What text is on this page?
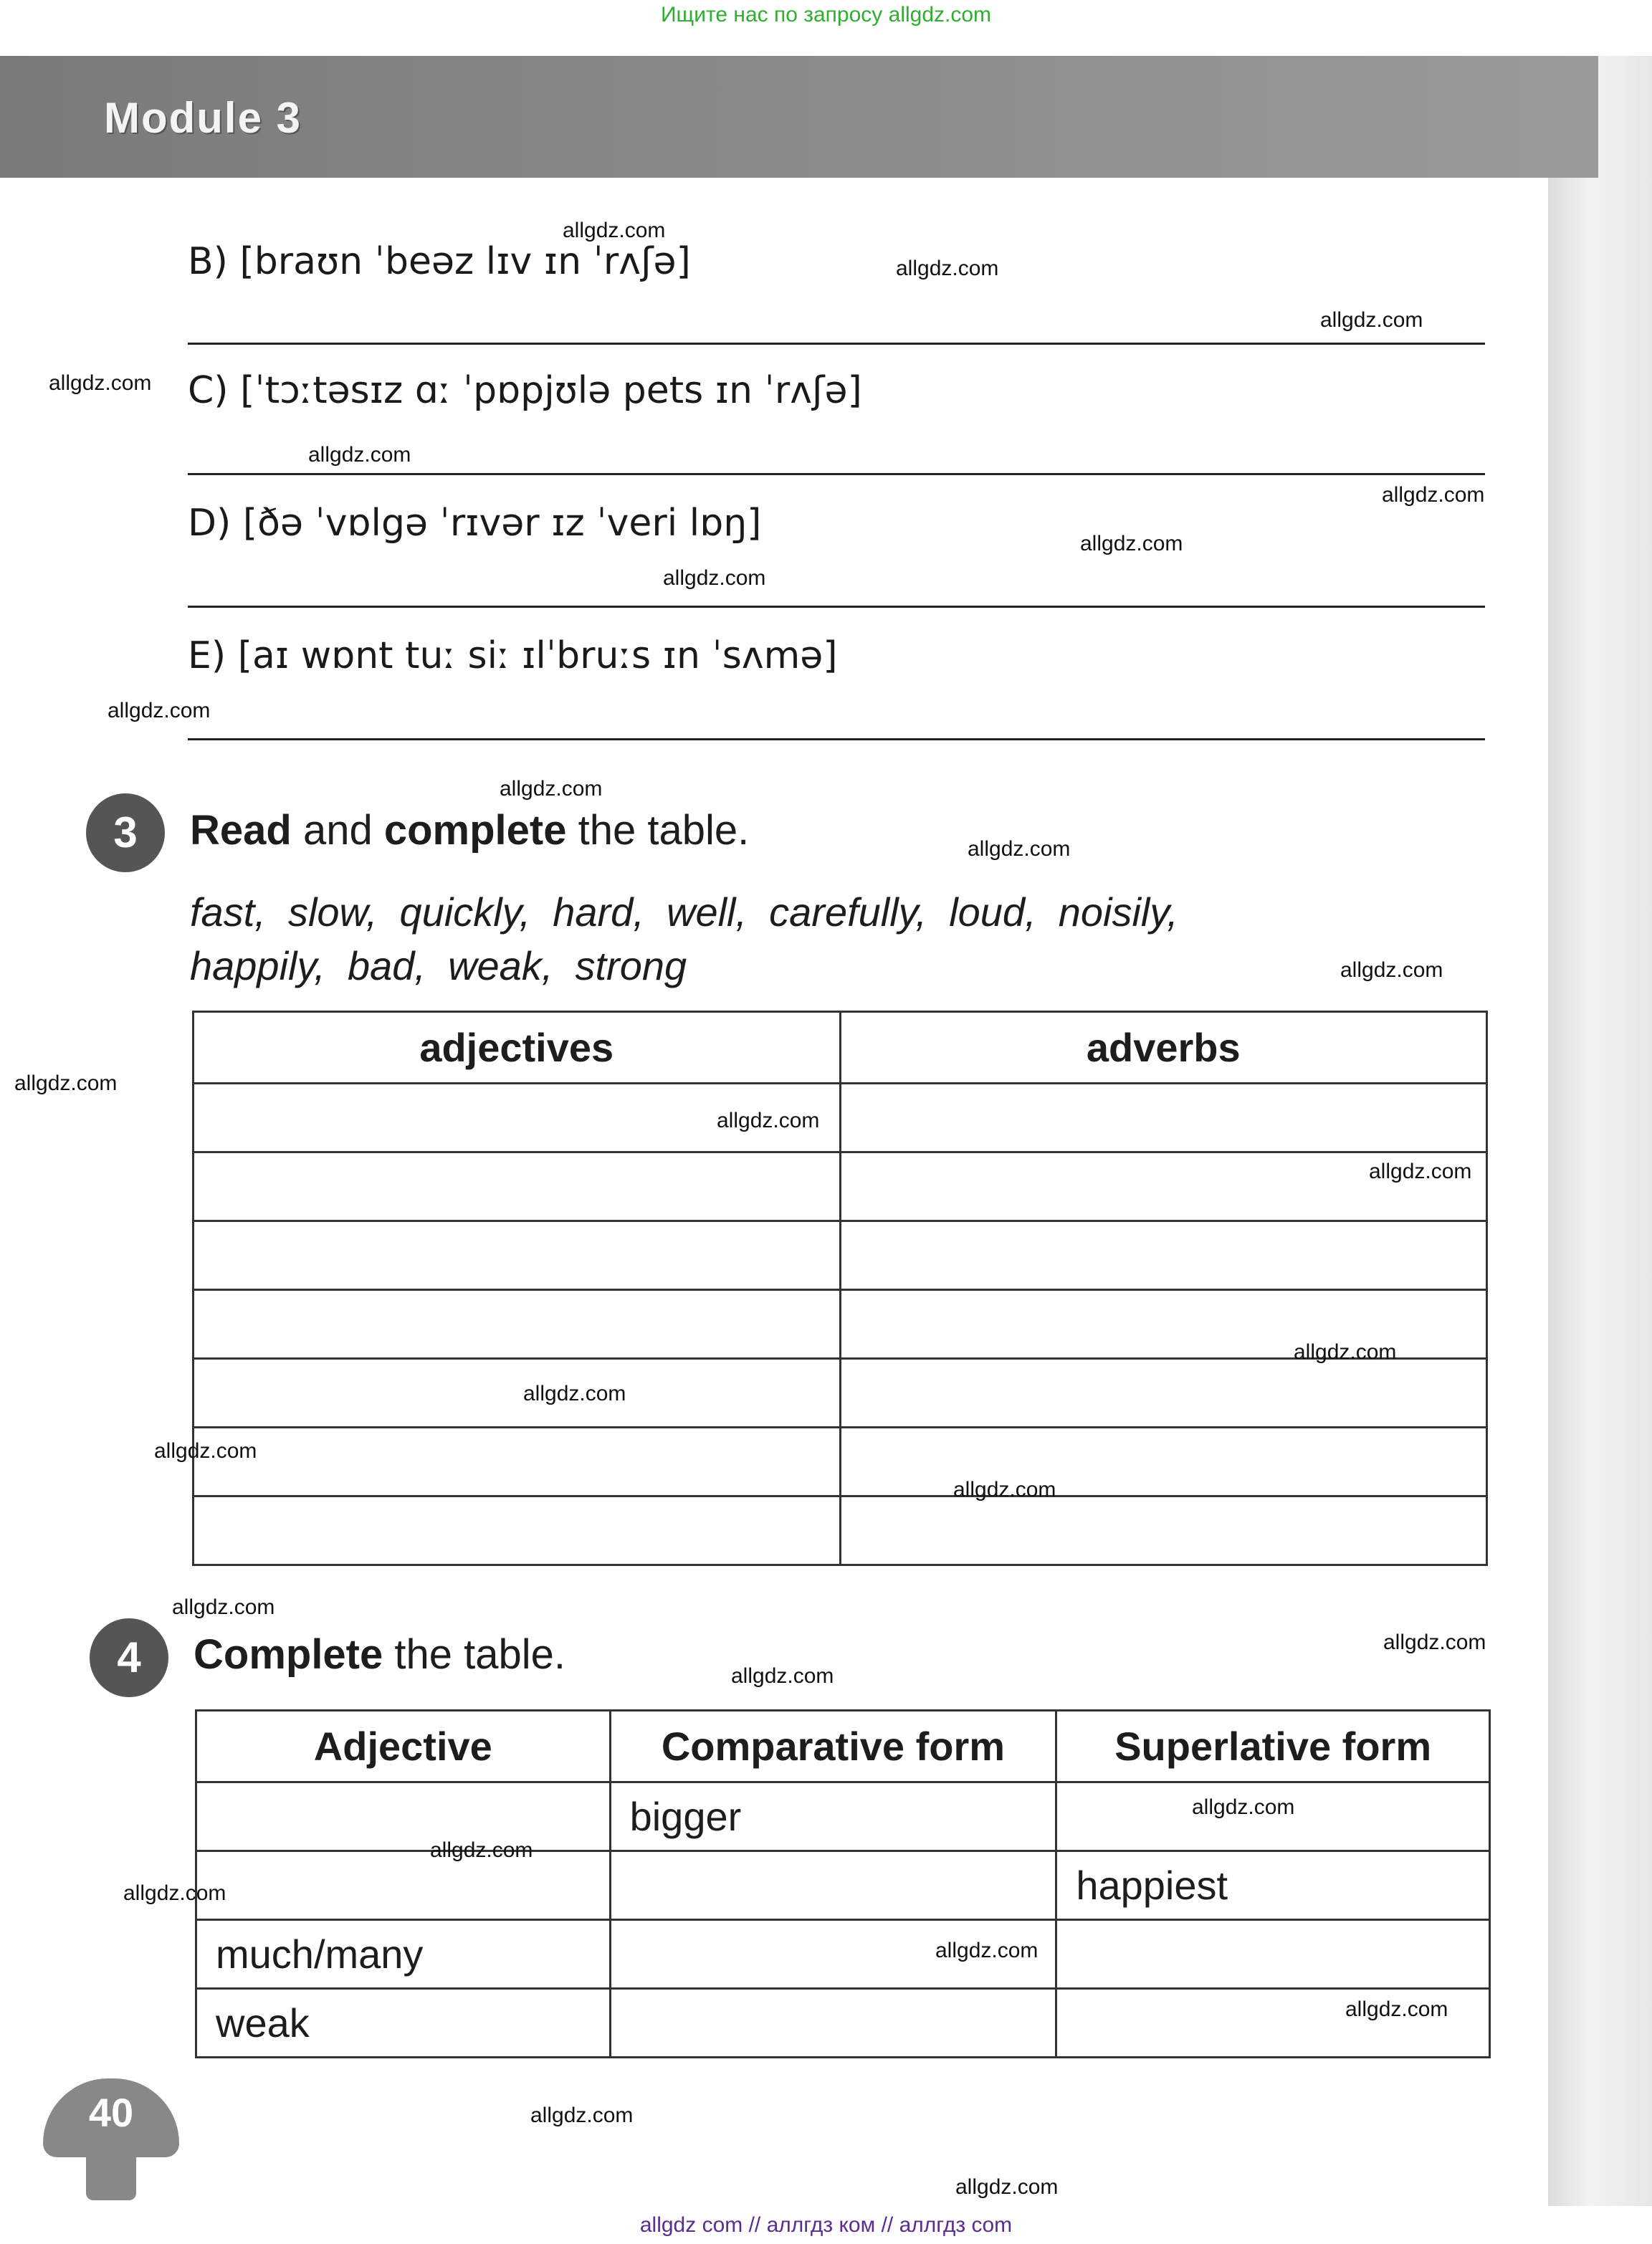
Ищите нас по запросу allgdz.com
Module 3
B) [braʊn ˈbeəz lɪv ɪn ˈrʌʃə]
C) [ˈtɔːtəsɪz ɑː ˈpɒpjʊlə pets ɪn ˈrʌʃə]
D) [ðə ˈvɒlgə ˈrɪvər ɪz ˈveri lɒŋ]
E) [aɪ wɒnt tuː siː ɪlˈbruːs ɪn ˈsʌmə]
3	Read and complete the table.
fast,  slow,  quickly,  hard,  well,  carefully,  loud,  noisily,
happily,  bad,  weak,  strong
adjectives	adverbs

4	Complete the table.
Adjective	Comparative form	Superlative form
	bigger	
		happiest
much/many		
weak		
40
allgdz.com
allgdz.com
allgdz.com
allgdz.com
allgdz.com
allgdz.com
allgdz.com
allgdz.com
allgdz.com
allgdz.com
allgdz.com
allgdz.com
allgdz.com
allgdz.com
allgdz.com
allgdz.com
allgdz.com
allgdz.com
allgdz.com
allgdz.com
allgdz.com
allgdz.com
allgdz.com
allgdz.com
allgdz.com
allgdz.com
allgdz.com
allgdz.com
allgdz.com
allgdz com // аллгдз ком // аллгдз com
